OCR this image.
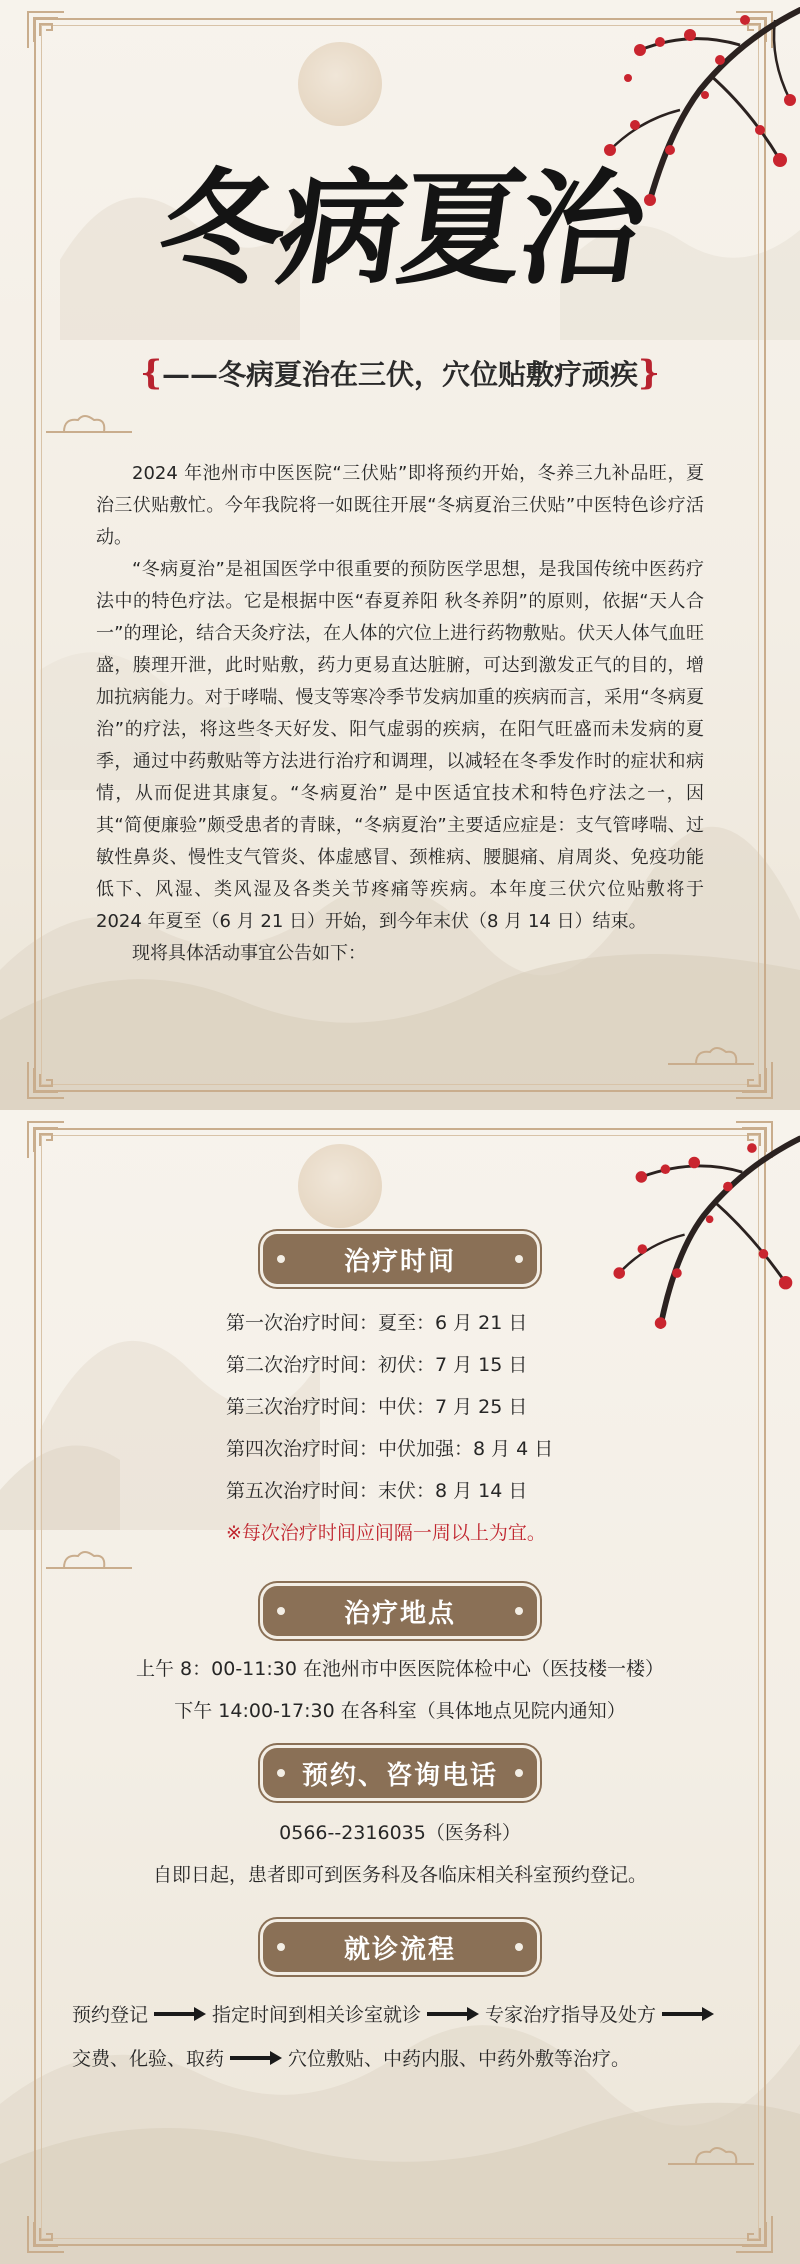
冬病夏治
{——冬病夏治在三伏，穴位贴敷疗顽疾}

2024 年池州市中医医院“三伏贴”即将预约开始，冬养三九补品旺，夏治三伏贴敷忙。今年我院将一如既往开展“冬病夏治三伏贴”中医特色诊疗活动。

“冬病夏治”是祖国医学中很重要的预防医学思想，是我国传统中医药疗法中的特色疗法。它是根据中医“春夏养阳 秋冬养阴”的原则，依据“天人合一”的理论，结合天灸疗法，在人体的穴位上进行药物敷贴。伏天人体气血旺盛，腠理开泄，此时贴敷，药力更易直达脏腑，可达到激发正气的目的，增加抗病能力。对于哮喘、慢支等寒冷季节发病加重的疾病而言，采用“冬病夏治”的疗法，将这些冬天好发、阳气虚弱的疾病，在阳气旺盛而未发病的夏季，通过中药敷贴等方法进行治疗和调理，以减轻在冬季发作时的症状和病情，从而促进其康复。“冬病夏治” 是中医适宜技术和特色疗法之一，因其“简便廉验”颇受患者的青睐，“冬病夏治”主要适应症是：支气管哮喘、过敏性鼻炎、慢性支气管炎、体虚感冒、颈椎病、腰腿痛、肩周炎、免疫功能低下、风湿、类风湿及各类关节疼痛等疾病。本年度三伏穴位贴敷将于 2024 年夏至（6 月 21 日）开始，到今年末伏（8 月 14 日）结束。

现将具体活动事宜公告如下：

治疗时间
第一次治疗时间：夏至：6 月 21 日
第二次治疗时间：初伏：7 月 15 日
第三次治疗时间：中伏：7 月 25 日
第四次治疗时间：中伏加强：8 月 4 日
第五次治疗时间：末伏：8 月 14 日
※每次治疗时间应间隔一周以上为宜。
治疗地点
上午 8：00-11:30 在池州市中医医院体检中心（医技楼一楼）
下午 14:00-17:30 在各科室（具体地点见院内通知）
预约、咨询电话
0566--2316035（医务科）
自即日起，患者即可到医务科及各临床相关科室预约登记。
就诊流程
预约登记	指定时间到相关诊室就诊	专家治疗指导及处方
交费、化验、取药	穴位敷贴、中药内服、中药外敷等治疗。
